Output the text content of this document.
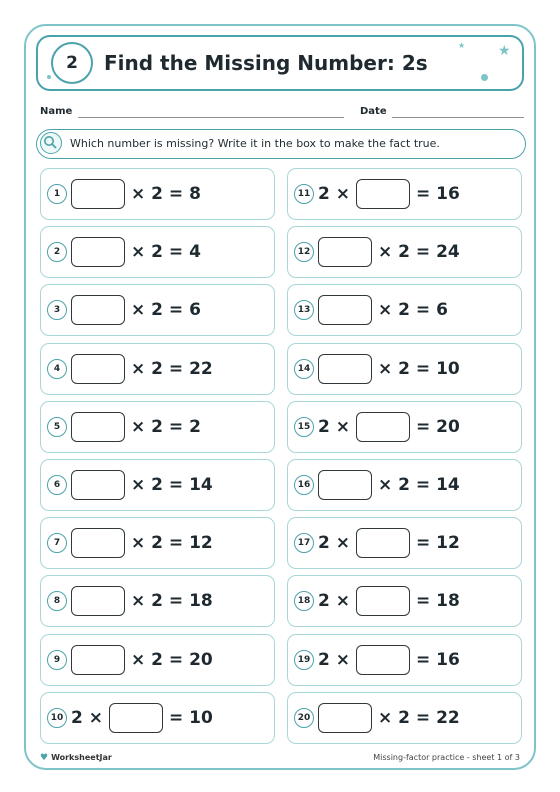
2	Find the Missing Number: 2s	★
★
Name	Date
Which number is missing? Write it in the box to make the fact true.
1	× 2 = 8
2	× 2 = 4
3	× 2 = 6
4	× 2 = 22
5	× 2 = 2
6	× 2 = 14
7	× 2 = 12
8	× 2 = 18
9	× 2 = 20
10 2 ×	= 10
11 2 ×	= 16
12	× 2 = 24
13	× 2 = 6
14	× 2 = 10
15 2 ×	= 20
16	× 2 = 14
17 2 ×	= 12
18 2 ×	= 18
19 2 ×	= 16
20	× 2 = 22
♥ WorksheetJar	Missing-factor practice - sheet 1 of 3
